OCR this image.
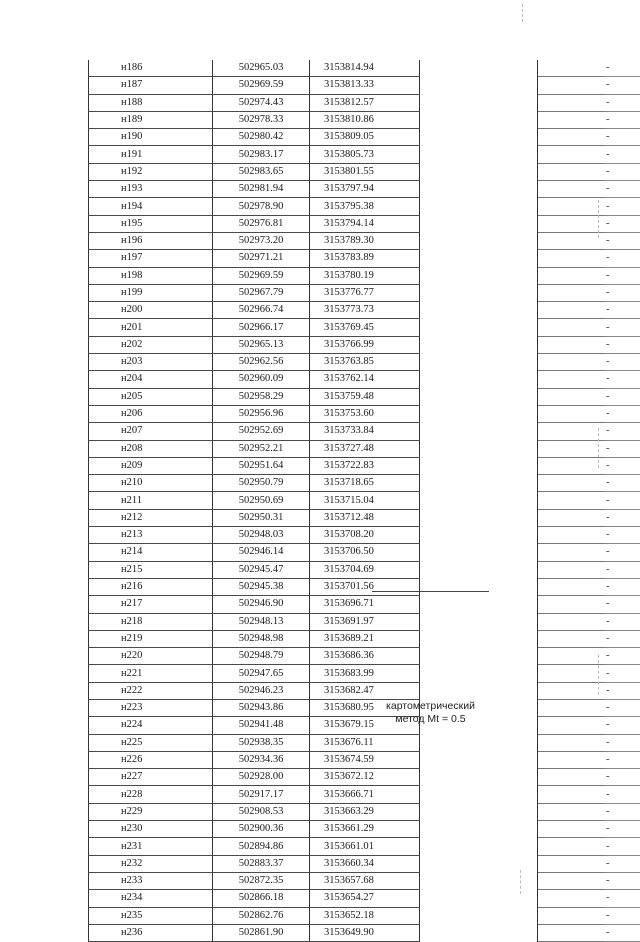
н186	502965.03	3153814.94			-
н187	502969.59	3153813.33			-
н188	502974.43	3153812.57			-
н189	502978.33	3153810.86			-
н190	502980.42	3153809.05			-
н191	502983.17	3153805.73			-
н192	502983.65	3153801.55			-
н193	502981.94	3153797.94			-
н194	502978.90	3153795.38			-
н195	502976.81	3153794.14			-
н196	502973.20	3153789.30			-
н197	502971.21	3153783.89			-
н198	502969.59	3153780.19			-
н199	502967.79	3153776.77			-
н200	502966.74	3153773.73			-
н201	502966.17	3153769.45			-
н202	502965.13	3153766.99			-
н203	502962.56	3153763.85			-
н204	502960.09	3153762.14			-
н205	502958.29	3153759.48			-
н206	502956.96	3153753.60			-
н207	502952.69	3153733.84			-
н208	502952.21	3153727.48			-
н209	502951.64	3153722.83			-
н210	502950.79	3153718.65			-
н211	502950.69	3153715.04			-
н212	502950.31	3153712.48			-
н213	502948.03	3153708.20			-
н214	502946.14	3153706.50			-
н215	502945.47	3153704.69			-
н216	502945.38	3153701.56			-
н217	502946.90	3153696.71			-
н218	502948.13	3153691.97			-
н219	502948.98	3153689.21			-
н220	502948.79	3153686.36			-
н221	502947.65	3153683.99			-
н222	502946.23	3153682.47			-
н223	502943.86	3153680.95			-
н224	502941.48	3153679.15			-
н225	502938.35	3153676.11			-
н226	502934.36	3153674.59			-
н227	502928.00	3153672.12			-
н228	502917.17	3153666.71			-
н229	502908.53	3153663.29			-
н230	502900.36	3153661.29			-
н231	502894.86	3153661.01			-
н232	502883.37	3153660.34			-
н233	502872.35	3153657.68			-
н234	502866.18	3153654.27			-
н235	502862.76	3153652.18			-
н236	502861.90	3153649.90			-
картометрический
метод Mt = 0.5
